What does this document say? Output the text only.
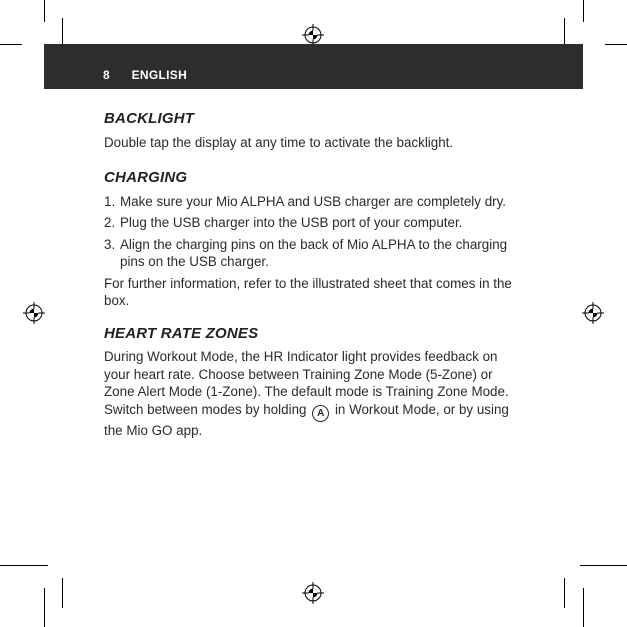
8 ENGLISH
BACKLIGHT

Double tap the display at any time to activate the backlight.

CHARGING
1. Make sure your Mio ALPHA and USB charger are completely dry.
2. Plug the USB charger into the USB port of your computer.
3. Align the charging pins on the back of Mio ALPHA to the charging pins on the USB charger.

For further information, refer to the illustrated sheet that comes in the box.

HEART RATE ZONES

During Workout Mode, the HR Indicator light provides feedback on your heart rate. Choose between Training Zone Mode (5-Zone) or Zone Alert Mode (1-Zone). The default mode is Training Zone Mode. Switch between modes by holding A in Workout Mode, or by using the Mio GO app.
